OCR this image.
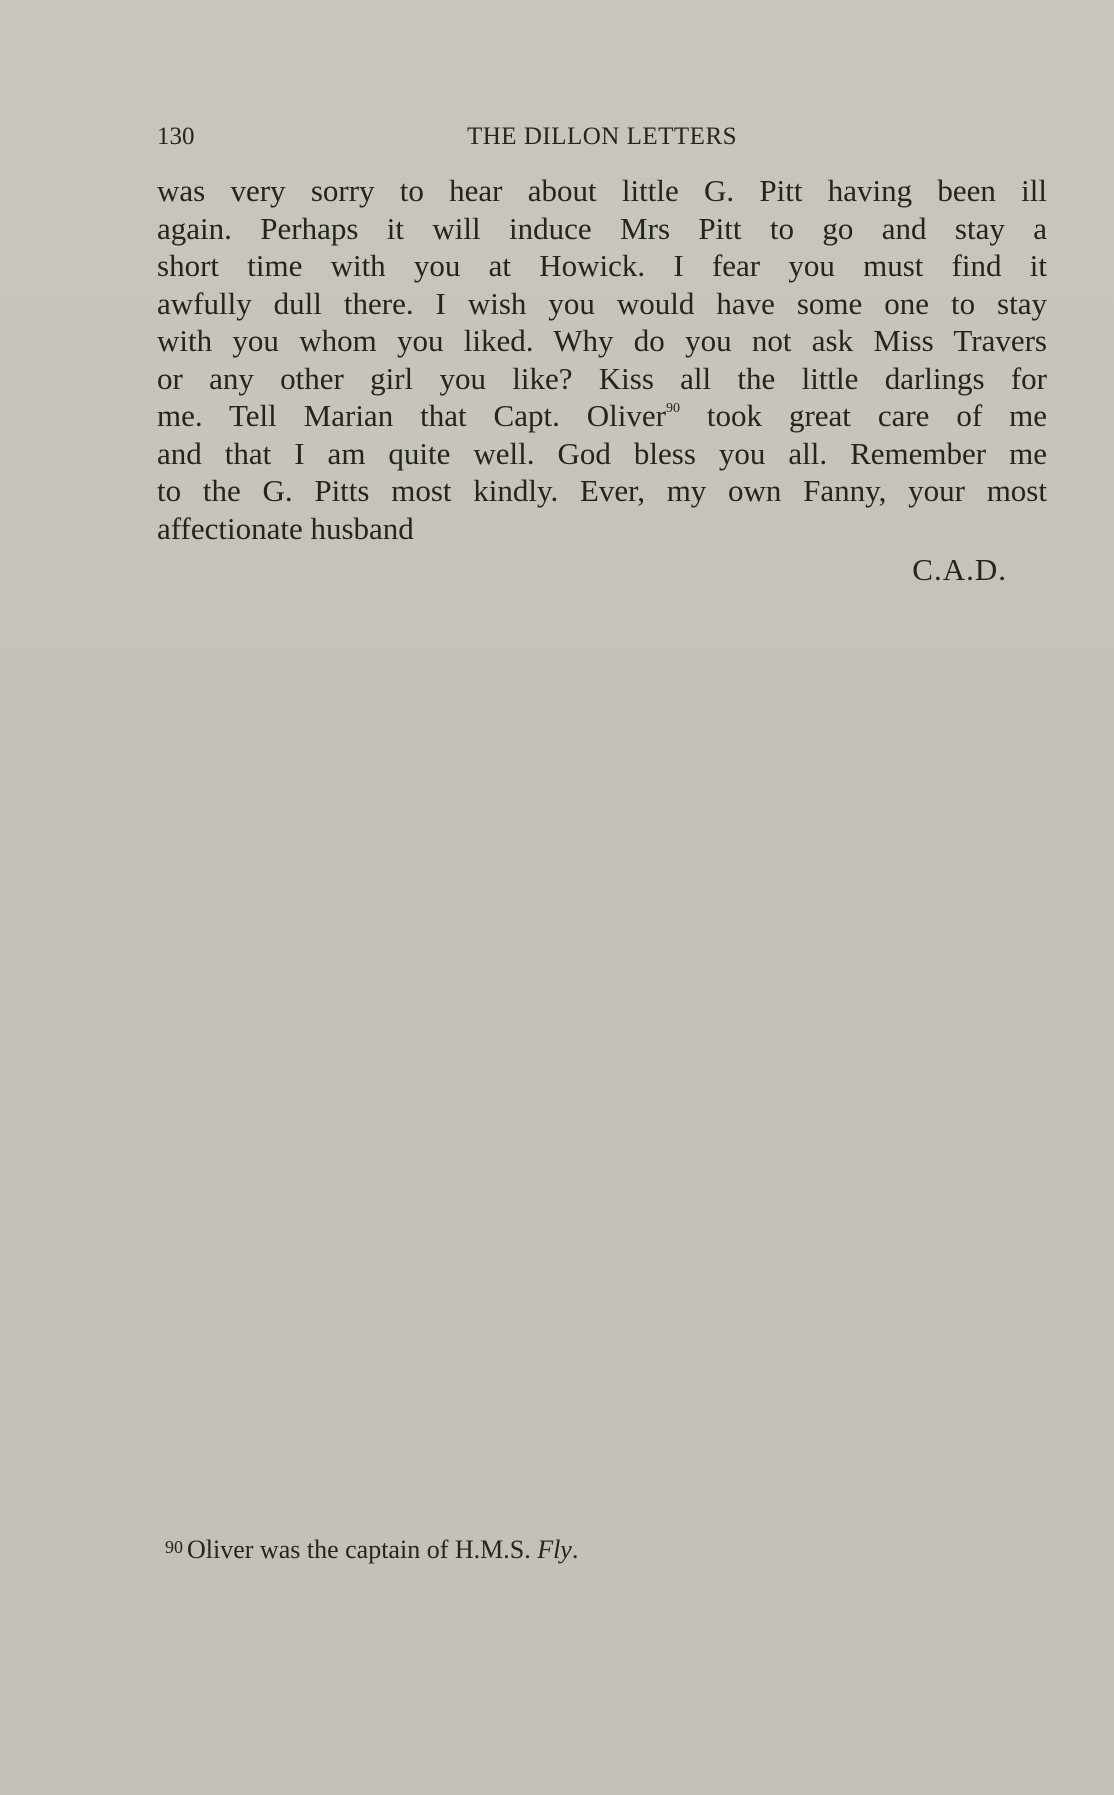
130	THE DILLON LETTERS
was very sorry to hear about little G. Pitt having been ill
again. Perhaps it will induce Mrs Pitt to go and stay a
short time with you at Howick. I fear you must find it
awfully dull there. I wish you would have some one to stay
with you whom you liked. Why do you not ask Miss Travers
or any other girl you like? Kiss all the little darlings for
me. Tell Marian that Capt. Oliver$^{90}$ took great care of me
and that I am quite well. God bless you all. Remember me
to the G. Pitts most kindly. Ever, my own Fanny, your most
affectionate husband
C.A.D.
90 Oliver was the captain of H.M.S. Fly.
